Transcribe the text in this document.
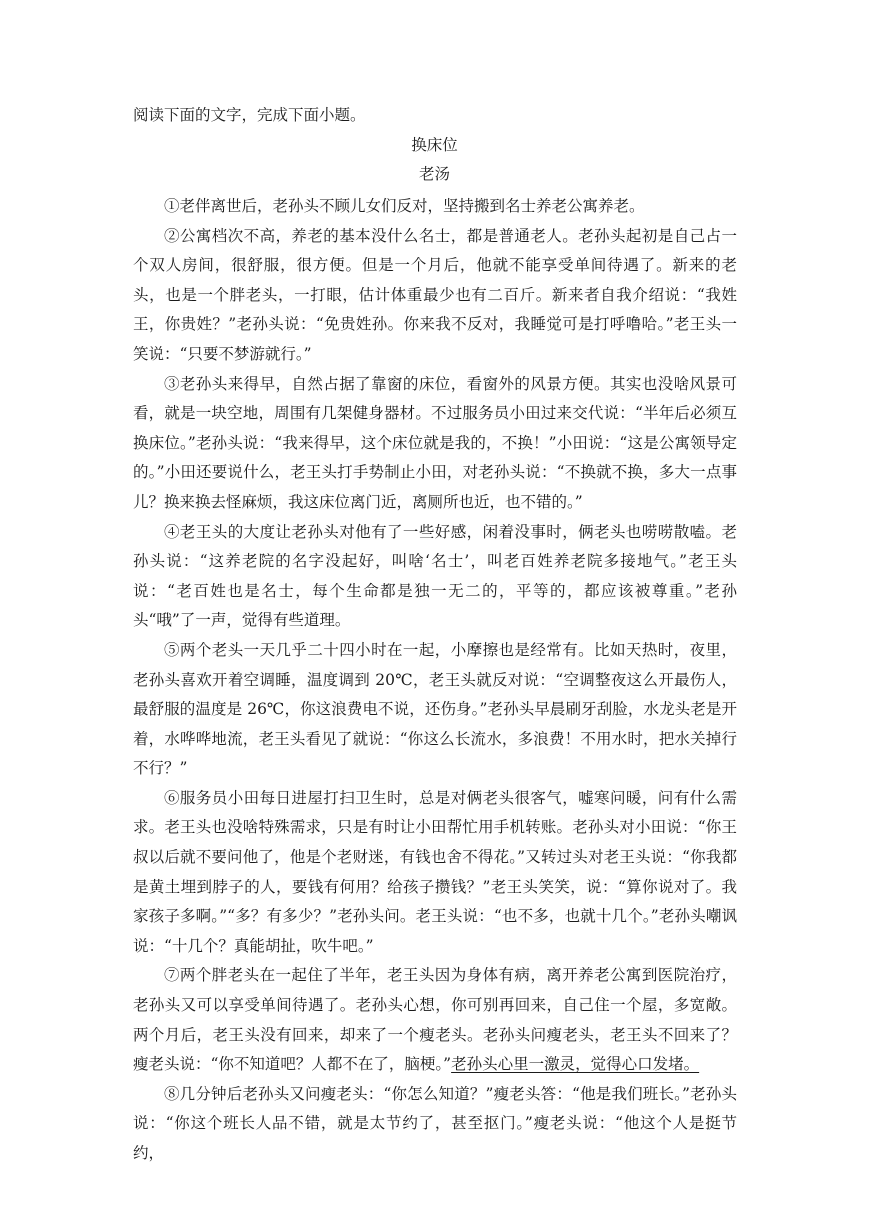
阅读下面的文字，完成下面小题。
换床位
老汤

①老伴离世后，老孙头不顾儿女们反对，坚持搬到名士养老公寓养老。

②公寓档次不高，养老的基本没什么名士，都是普通老人。老孙头起初是自己占一个双人房间，很舒服，很方便。但是一个月后，他就不能享受单间待遇了。新来的老头，也是一个胖老头，一打眼，估计体重最少也有二百斤。新来者自我介绍说：“我姓王，你贵姓？”老孙头说：“免贵姓孙。你来我不反对，我睡觉可是打呼噜哈。”老王头一笑说：“只要不梦游就行。”

③老孙头来得早，自然占据了靠窗的床位，看窗外的风景方便。其实也没啥风景可看，就是一块空地，周围有几架健身器材。不过服务员小田过来交代说：“半年后必须互换床位。”老孙头说：“我来得早，这个床位就是我的，不换！”小田说：“这是公寓领导定的。”小田还要说什么，老王头打手势制止小田，对老孙头说：“不换就不换，多大一点事儿？换来换去怪麻烦，我这床位离门近，离厕所也近，也不错的。”

④老王头的大度让老孙头对他有了一些好感，闲着没事时，俩老头也唠唠散嗑。老孙头说：“这养老院的名字没起好，叫啥‘名士’，叫老百姓养老院多接地气。”老王头说：“老百姓也是名士，每个生命都是独一无二的，平等的，都应该被尊重。”老孙头“哦”了一声，觉得有些道理。

⑤两个老头一天几乎二十四小时在一起，小摩擦也是经常有。比如天热时，夜里，老孙头喜欢开着空调睡，温度调到 20℃，老王头就反对说：“空调整夜这么开最伤人，最舒服的温度是 26℃，你这浪费电不说，还伤身。”老孙头早晨刷牙刮脸，水龙头老是开着，水哗哗地流，老王头看见了就说：“你这么长流水，多浪费！不用水时，把水关掉行不行？”

⑥服务员小田每日进屋打扫卫生时，总是对俩老头很客气，嘘寒问暖，问有什么需求。老王头也没啥特殊需求，只是有时让小田帮忙用手机转账。老孙头对小田说：“你王叔以后就不要问他了，他是个老财迷，有钱也舍不得花。”又转过头对老王头说：“你我都是黄土埋到脖子的人，要钱有何用？给孩子攒钱？”老王头笑笑，说：“算你说对了。我家孩子多啊。”“多？有多少？”老孙头问。老王头说：“也不多，也就十几个。”老孙头嘲讽说：“十几个？真能胡扯，吹牛吧。”

⑦两个胖老头在一起住了半年，老王头因为身体有病，离开养老公寓到医院治疗，老孙头又可以享受单间待遇了。老孙头心想，你可别再回来，自己住一个屋，多宽敞。两个月后，老王头没有回来，却来了一个瘦老头。老孙头问瘦老头，老王头不回来了？瘦老头说：“你不知道吧？人都不在了，脑梗。”老孙头心里一激灵，觉得心口发堵。

⑧几分钟后老孙头又问瘦老头：“你怎么知道？”瘦老头答：“他是我们班长。”老孙头说：“你这个班长人品不错，就是太节约了，甚至抠门。”瘦老头说：“他这个人是挺节约，
